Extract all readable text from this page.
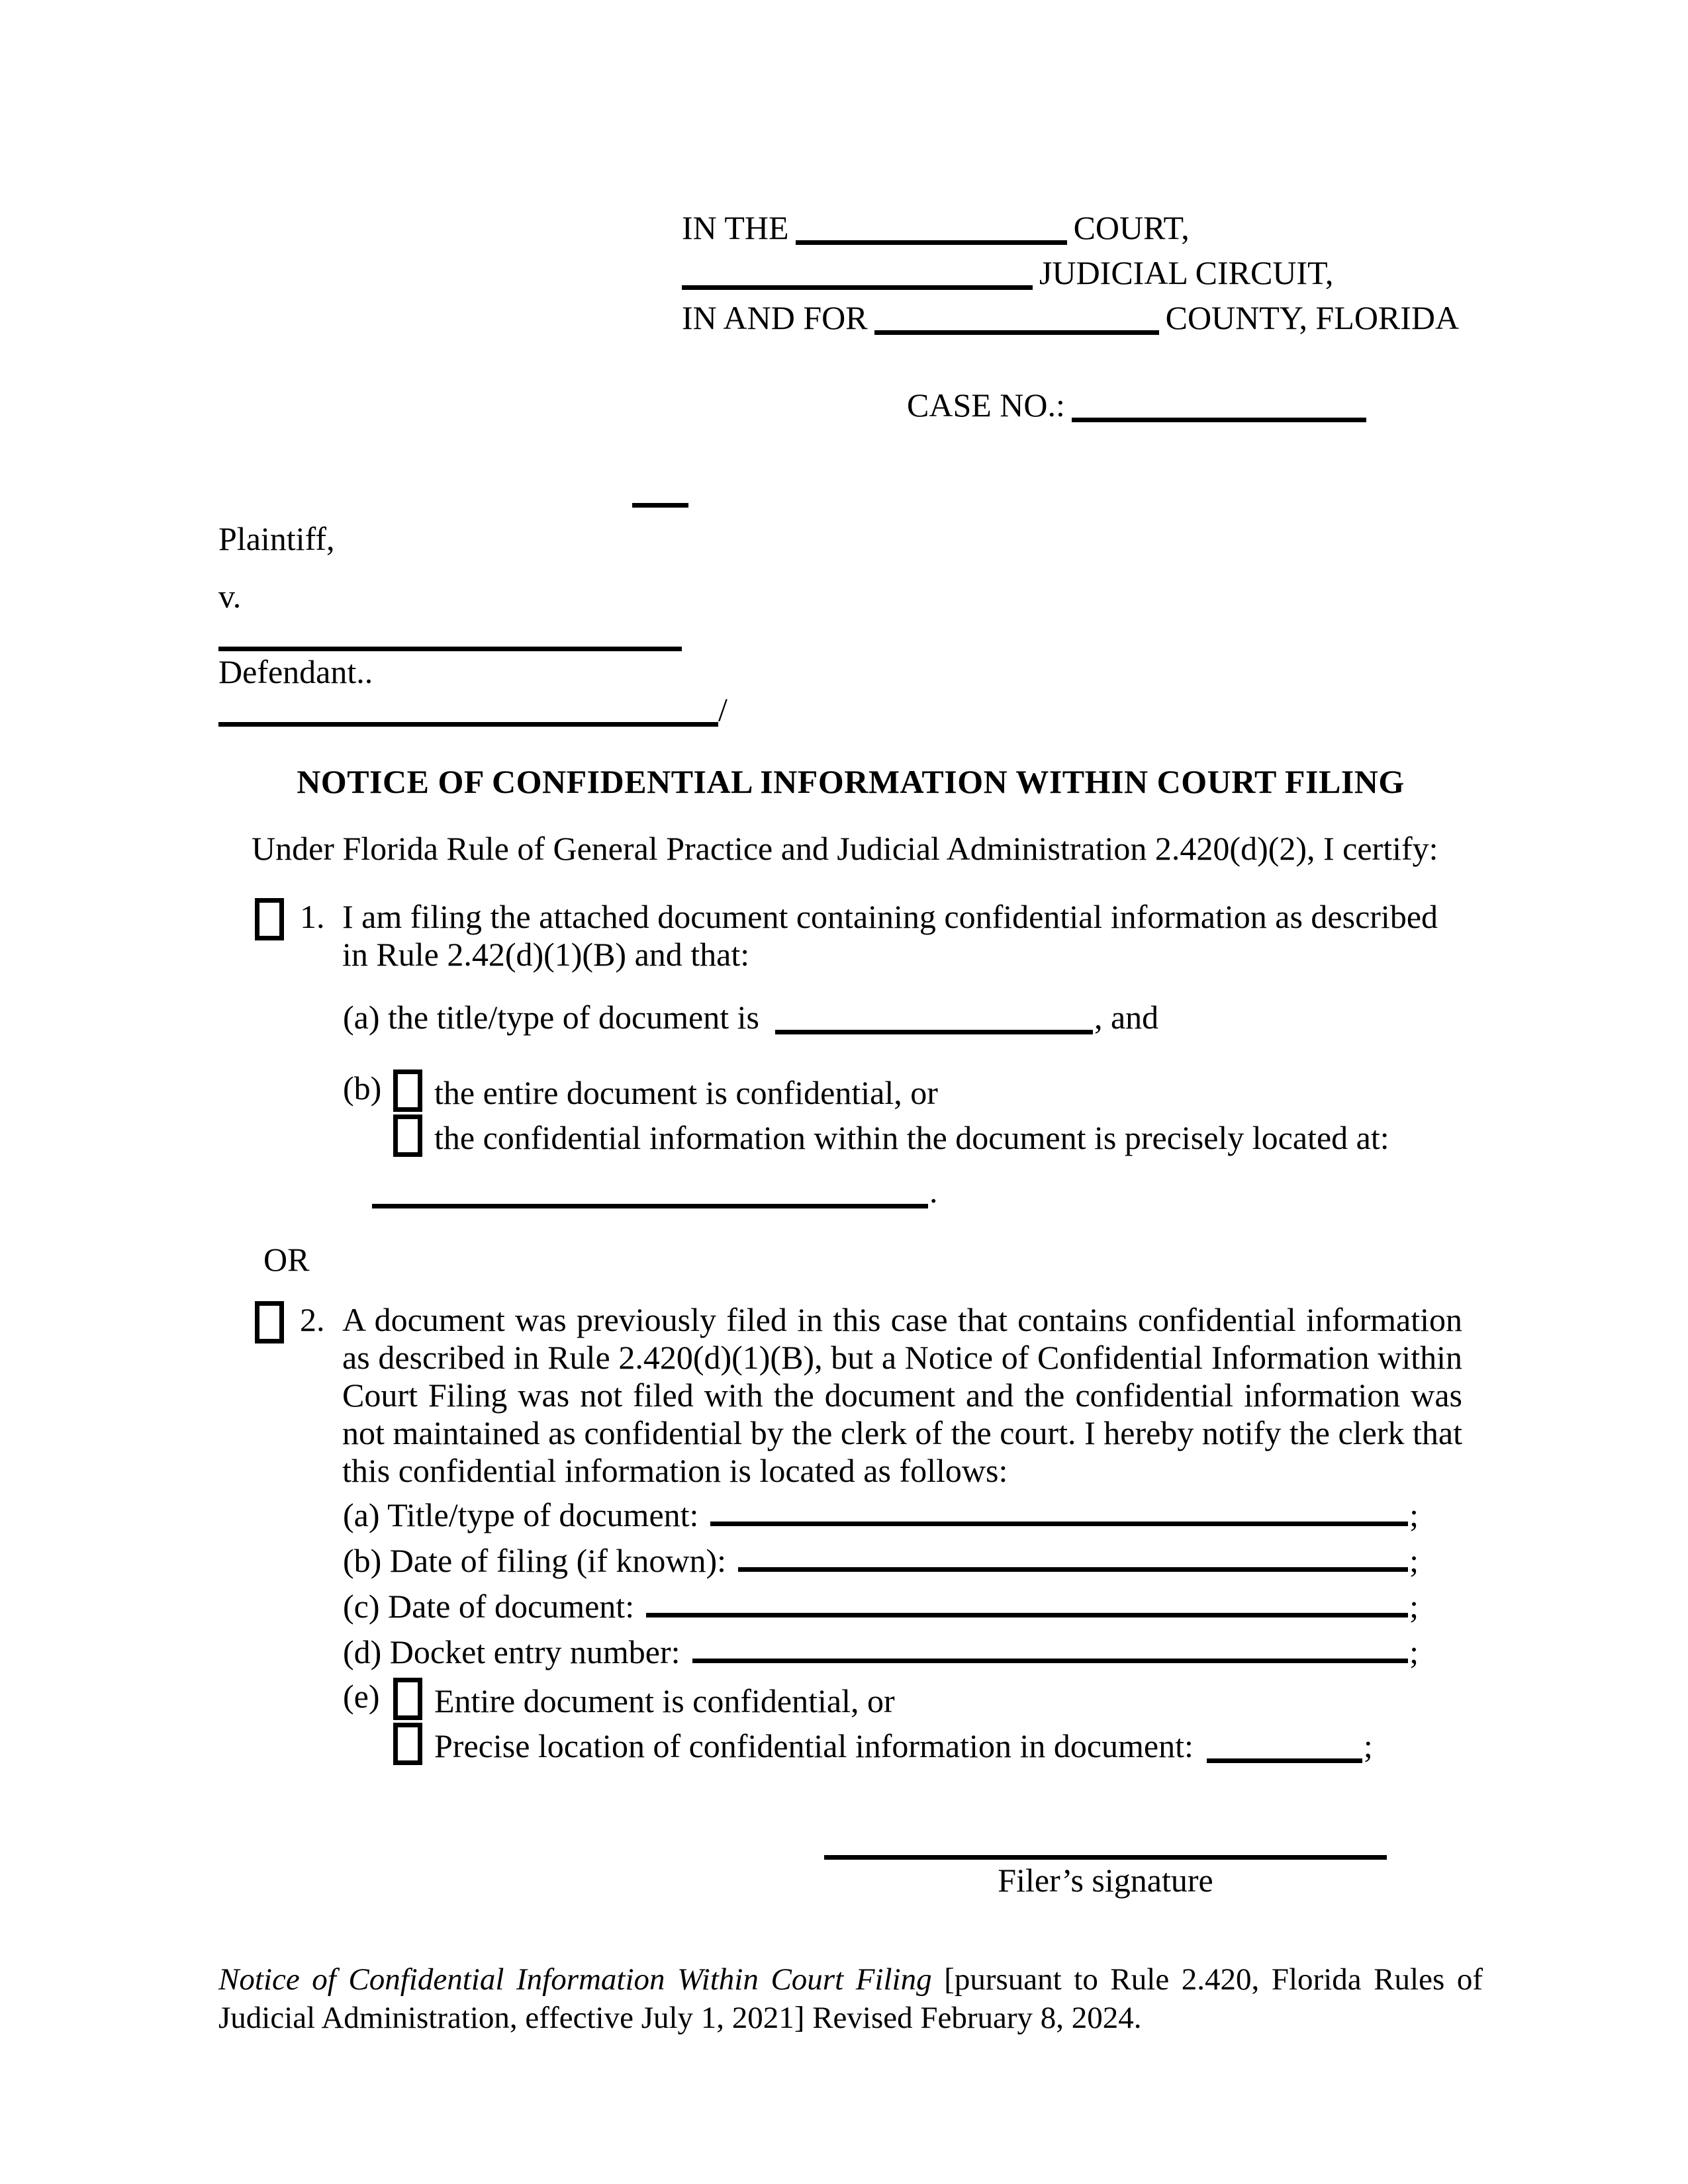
IN THE	COURT,
JUDICIAL CIRCUIT,
IN AND FOR	COUNTY, FLORIDA
CASE NO.:
Plaintiff,
v.
Defendant..
/
NOTICE OF CONFIDENTIAL INFORMATION WITHIN COURT FILING
Under Florida Rule of General Practice and Judicial Administration 2.420(d)(2), I certify:
1. I am filing the attached document containing confidential information as described in Rule 2.42(d)(1)(B) and that:
(a) the title/type of document is	, and
(b)	the entire document is confidential, or
the confidential information within the document is precisely located at:
.
OR
2. A document was previously filed in this case that contains confidential information as described in Rule 2.420(d)(1)(B), but a Notice of Confidential Information within Court Filing was not filed with the document and the confidential information was not maintained as confidential by the clerk of the court. I hereby notify the clerk that this confidential information is located as follows:
(a) Title/type of document:	;
(b) Date of filing (if known):	;
(c) Date of document:	;
(d) Docket entry number:	;
(e)	Entire document is confidential, or
Precise location of confidential information in document:	;
Filer’s signature

Notice of Confidential Information Within Court Filing [pursuant to Rule 2.420, Florida Rules of Judicial Administration, effective July 1, 2021] Revised February 8, 2024.
